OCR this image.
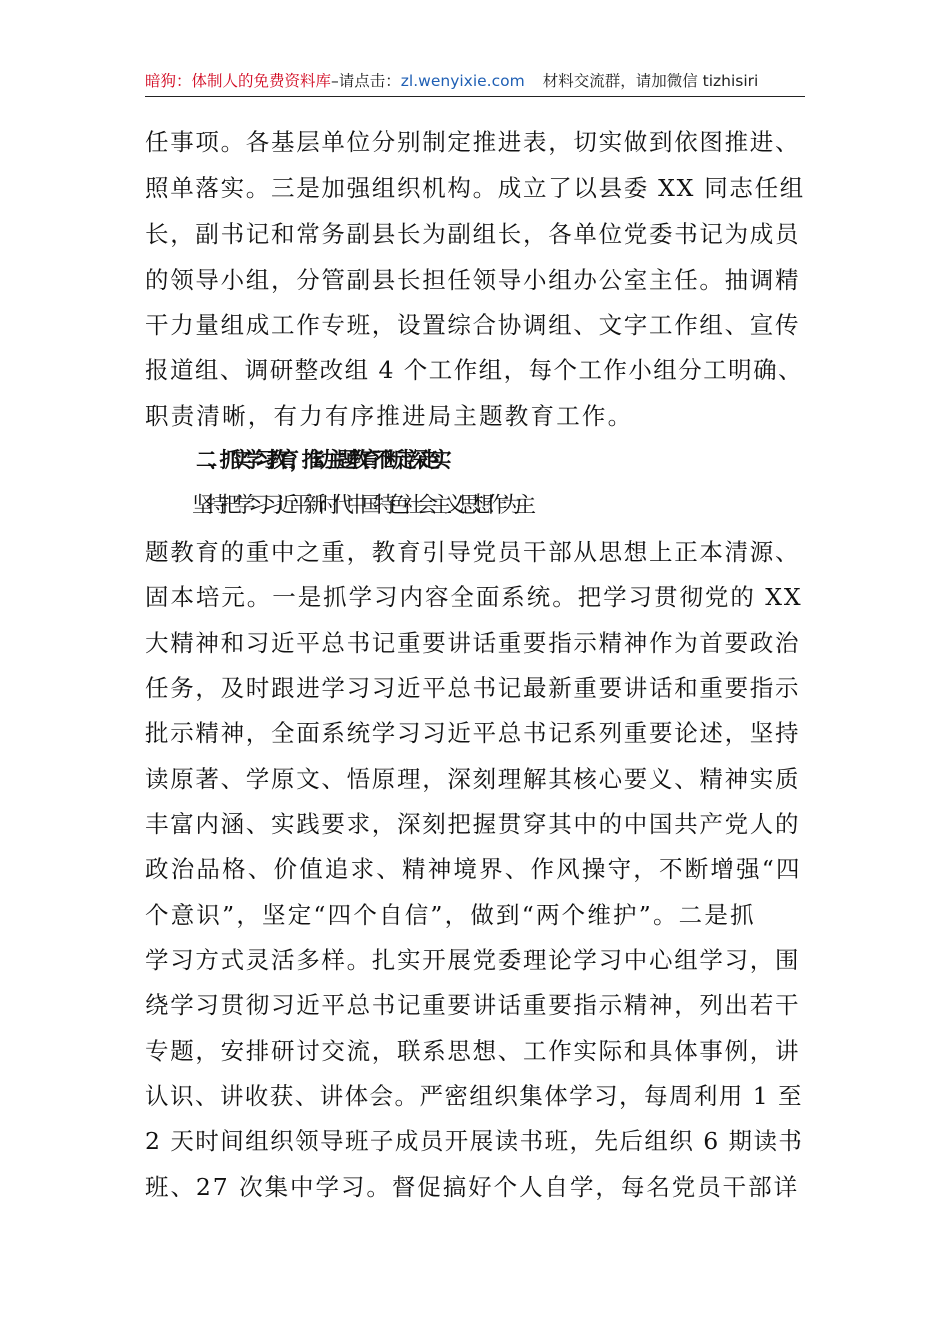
暗狗：体制人的免费资料库–请点击：zl.wenyixie.com 材料交流群，请加微信 tizhisiri
任事项。各基层单位分别制定推进表，切实做到依图推进、
照单落实。三是加强组织机构。成立了以县委 XX 同志任组
长，副书记和常务副县长为副组长，各单位党委书记为成员
的领导小组，分管副县长担任领导小组办公室主任。抽调精
干力量组成工作专班，设置综合协调组、文字工作组、宣传
报道组、调研整改组 4 个工作组，每个工作小组分工明确、
职责清晰，有力有序推进局主题教育工作。
二、抓实学习教育，推动主题教育不断走深走实
坚持把学习习近平新时代中国特色社会主义思想作为主
题教育的重中之重，教育引导党员干部从思想上正本清源、
固本培元。一是抓学习内容全面系统。把学习贯彻党的 XX
大精神和习近平总书记重要讲话重要指示精神作为首要政治
任务，及时跟进学习习近平总书记最新重要讲话和重要指示
批示精神，全面系统学习习近平总书记系列重要论述，坚持
读原著、学原文、悟原理，深刻理解其核心要义、精神实质
丰富内涵、实践要求，深刻把握贯穿其中的中国共产党人的
政治品格、价值追求、精神境界、作风操守，不断增强“四
个意识”，坚定“四个自信”，做到“两个维护”。二是抓
学习方式灵活多样。扎实开展党委理论学习中心组学习，围
绕学习贯彻习近平总书记重要讲话重要指示精神，列出若干
专题，安排研讨交流，联系思想、工作实际和具体事例，讲
认识、讲收获、讲体会。严密组织集体学习，每周利用 1 至
2 天时间组织领导班子成员开展读书班，先后组织 6 期读书
班、27 次集中学习。督促搞好个人自学，每名党员干部详
